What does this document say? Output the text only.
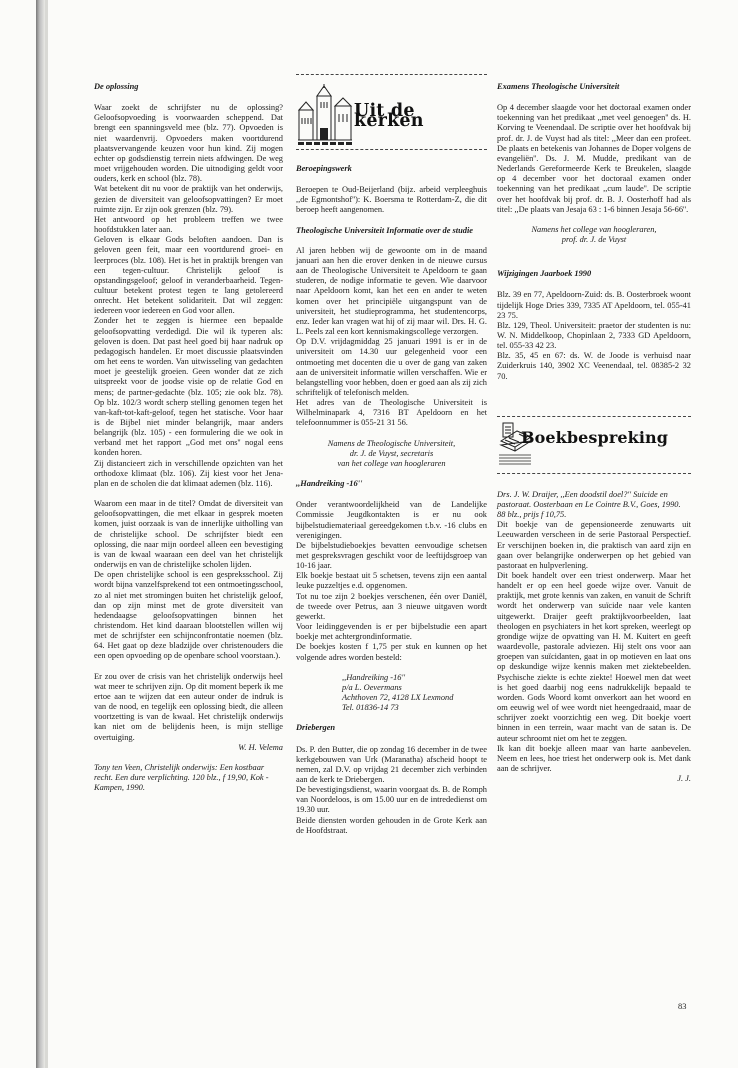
De oplossing

Waar zoekt de schrijfster nu de oplossing? Geloofsopvoeding is voorwaarden scheppend. Dat brengt een spanningsveld mee (blz. 77). Opvoeden is niet waardenvrij. Opvoeders maken voortdurend plaatsvervangende keuzen voor hun kind. Zij mogen echter op godsdienstig terrein niets afdwingen. De weg moet vrijgehouden worden. Die uitnodiging geldt voor ouders, kerk en school (blz. 78).

Wat betekent dit nu voor de praktijk van het onderwijs, gezien de diversiteit van geloofsopvattingen? Er moet ruimte zijn. Er zijn ook grenzen (blz. 79).

Het antwoord op het probleem treffen we twee hoofdstukken later aan.

Geloven is elkaar Gods beloften aandoen. Dan is geloven geen feit, maar een voortdurend groei- en leerproces (blz. 108). Het is het in praktijk brengen van een tegen-cultuur. Christelijk geloof is opstandingsgeloof; geloof in veranderbaarheid. Tegen-cultuur betekent protest tegen te lang getolereerd onrecht. Het betekent solidariteit. Dat wil zeggen: iedereen voor iedereen en God voor allen.

Zonder het te zeggen is hiermee een bepaalde geloofsopvatting verdedigd. Die wil ik typeren als: geloven is doen. Dat past heel goed bij haar nadruk op pedagogisch handelen. Er moet discussie plaatsvinden om het eens te worden. Van uitwisseling van gedachten moet je geestelijk groeien. Geen wonder dat ze zich uitspreekt voor de joodse visie op de relatie God en mens; de partner-gedachte (blz. 105; zie ook blz. 78). Op blz. 102/3 wordt scherp stelling genomen tegen het van-kaft-tot-kaft-geloof, tegen het statische. Voor haar is de Bijbel niet minder belangrijk, maar anders belangrijk (blz. 105) - een formulering die we ook in verband met het rapport ,,God met ons'' nogal eens konden horen.

Zij distancieert zich in verschillende opzichten van het orthodoxe klimaat (blz. 106). Zij kiest voor het Jena-plan en de scholen die dat klimaat ademen (blz. 116).

Waarom een maar in de titel? Omdat de diversiteit van geloofsopvattingen, die met elkaar in gesprek moeten komen, juist oorzaak is van de innerlijke uitholling van de christelijke school. De schrijfster biedt een oplossing, die naar mijn oordeel alleen een bevestiging is van de kwaal waaraan een deel van het christelijk onderwijs en van de christelijke scholen lijden.

De open christelijke school is een gespreksschool. Zij wordt bijna vanzelfsprekend tot een ontmoetingsschool, zo al niet met stromingen buiten het christelijk geloof, dan op zijn minst met de grote diversiteit van hedendaagse geloofsopvattingen binnen het christendom. Het kind daaraan blootstellen willen wij met de schrijfster een schijnconfrontatie noemen (blz. 64. Het gaat op deze bladzijde over christenouders die een open opvoeding op de openbare school voorstaan.).

Er zou over de crisis van het christelijk onderwijs heel wat meer te schrijven zijn. Op dit moment beperk ik me ertoe aan te wijzen dat een auteur onder de indruk is van de nood, en tegelijk een oplossing biedt, die alleen voortzetting is van de kwaal. Het christelijk onderwijs kan niet om de belijdenis heen, is mijn stellige overtuiging.

W. H. Velema

Tony ten Veen, Christelijk onderwijs: Een kostbaar recht. Een dure verplichting. 120 blz., f 19,90, Kok - Kampen, 1990.

Uit de kerken

Beroepingswerk

Beroepen te Oud-Beijerland (bijz. arbeid verpleeghuis ,,de Egmontshof''): K. Boersma te Rotterdam-Z, die dit beroep heeft aangenomen.

Theologische Universiteit Informatie over de studie

Al jaren hebben wij de gewoonte om in de maand januari aan hen die erover denken in de nieuwe cursus aan de Theologische Universiteit te Apeldoorn te gaan studeren, de nodige informatie te geven. Wie daarvoor naar Apeldoorn komt, kan het een en ander te weten komen over het principiële uitgangspunt van de universiteit, het studieprogramma, het studentencorps, enz. Ieder kan vragen wat hij of zij maar wil. Drs. H. G. L. Peels zal een kort kennismakingscollege verzorgen.

Op D.V. vrijdagmiddag 25 januari 1991 is er in de universiteit om 14.30 uur gelegenheid voor een ontmoeting met docenten die u over de gang van zaken aan de universiteit informatie willen verschaffen. Wie er belangstelling voor hebben, doen er goed aan als zij zich schriftelijk of telefonisch melden.

Het adres van de Theologische Universiteit is Wilhelminapark 4, 7316 BT Apeldoorn en het telefoonnummer is 055-21 31 56.

Namens de Theologische Universiteit,

dr. J. de Vuyst, secretaris

van het college van hoogleraren

,,Handreiking -16''

Onder verantwoordelijkheid van de Landelijke Commissie Jeugdkontakten is er nu ook bijbelstudiemateriaal gereedgekomen t.b.v. -16 clubs en verenigingen.

De bijbelstudieboekjes bevatten eenvoudige schetsen met gespreksvragen geschikt voor de leeftijdsgroep van 10-16 jaar.

Elk boekje bestaat uit 5 schetsen, tevens zijn een aantal leuke puzzeltjes e.d. opgenomen.

Tot nu toe zijn 2 boekjes verschenen, één over Daniël, de tweede over Petrus, aan 3 nieuwe uitgaven wordt gewerkt.

Voor leidinggevenden is er per bijbelstudie een apart boekje met achtergrondinformatie.

De boekjes kosten f 1,75 per stuk en kunnen op het volgende adres worden besteld:

,,Handreiking -16''

p/a L. Oevermans

Achthoven 72, 4128 LX Lexmond

Tel. 01836-14 73

Driebergen

Ds. P. den Butter, die op zondag 16 december in de twee kerkgebouwen van Urk (Maranatha) afscheid hoopt te nemen, zal D.V. op vrijdag 21 december zich verbinden aan de kerk te Driebergen.

De bevestigingsdienst, waarin voorgaat ds. B. de Romph van Noordeloos, is om 15.00 uur en de intrededienst om 19.30 uur.

Beide diensten worden gehouden in de Grote Kerk aan de Hoofdstraat.

Examens Theologische Universiteit

Op 4 december slaagde voor het doctoraal examen onder toekenning van het predikaat ,,met veel genoegen'' ds. H. Korving te Veenendaal. De scriptie over het hoofdvak bij prof. dr. J. de Vuyst had als titel: ,,Meer dan een profeet. De plaats en betekenis van Johannes de Doper volgens de evangeliën''. Ds. J. M. Mudde, predikant van de Nederlands Gereformeerde Kerk te Breukelen, slaagde op 4 december voor het doctoraal examen onder toekenning van het predikaat ,,cum laude''. De scriptie over het hoofdvak bij prof. dr. B. J. Oosterhoff had als titel: ,,De plaats van Jesaja 63 : 1-6 binnen Jesaja 56-66''.

Namens het college van hoogleraren,

prof. dr. J. de Vuyst

Wijzigingen Jaarboek 1990

Blz. 39 en 77, Apeldoorn-Zuid: ds. B. Oosterbroek woont tijdelijk Hoge Dries 339, 7335 AT Apeldoorn, tel. 055-41 23 75.

Blz. 129, Theol. Universiteit: praetor der studenten is nu: W. N. Middelkoop, Chopinlaan 2, 7333 GD Apeldoorn, tel. 055-33 42 23.

Blz. 35, 45 en 67: ds. W. de Joode is verhuisd naar Zuiderkruis 140, 3902 XC Veenendaal, tel. 08385-2 32 70.

Boekbespreking

Drs. J. W. Draijer, ,,Een doodstil doel?'' Suicide en pastoraat. Oosterbaan en Le Cointre B.V., Goes, 1990. 88 blz., prijs f 10,75.

Dit boekje van de gepensioneerde zenuwarts uit Leeuwarden verscheen in de serie Pastoraal Perspectief. Er verschijnen boeken in, die praktisch van aard zijn en gaan over belangrijke onderwerpen op het gebied van pastoraat en hulpverlening.

Dit boek handelt over een triest onderwerp. Maar het handelt er op een heel goede wijze over. Vanuit de praktijk, met grote kennis van zaken, en vanuit de Schrift wordt het onderwerp van suïcide naar vele kanten uitgewerkt. Draijer geeft praktijkvoorbeelden, laat theologen en psychiaters in het kort spreken, weerlegt op grondige wijze de opvatting van H. M. Kuitert en geeft waardevolle, pastorale adviezen. Hij stelt ons voor aan groepen van suïcidanten, gaat in op motieven en laat ons op deskundige wijze kennis maken met ziektebeelden. Psychische ziekte is echte ziekte! Hoewel men dat weet is het goed daarbij nog eens nadrukkelijk bepaald te worden. Gods Woord komt onverkort aan het woord en om eeuwig wel of wee wordt niet heengedraaid, maar de schrijver zoekt voorzichtig een weg. Dit boekje voert binnen in een terrein, waar macht van de satan is. De auteur schroomt niet om het te zeggen.

Ik kan dit boekje alleen maar van harte aanbevelen. Neem en lees, hoe triest het onderwerp ook is. Met dank aan de schrijver.

J. J.

83
